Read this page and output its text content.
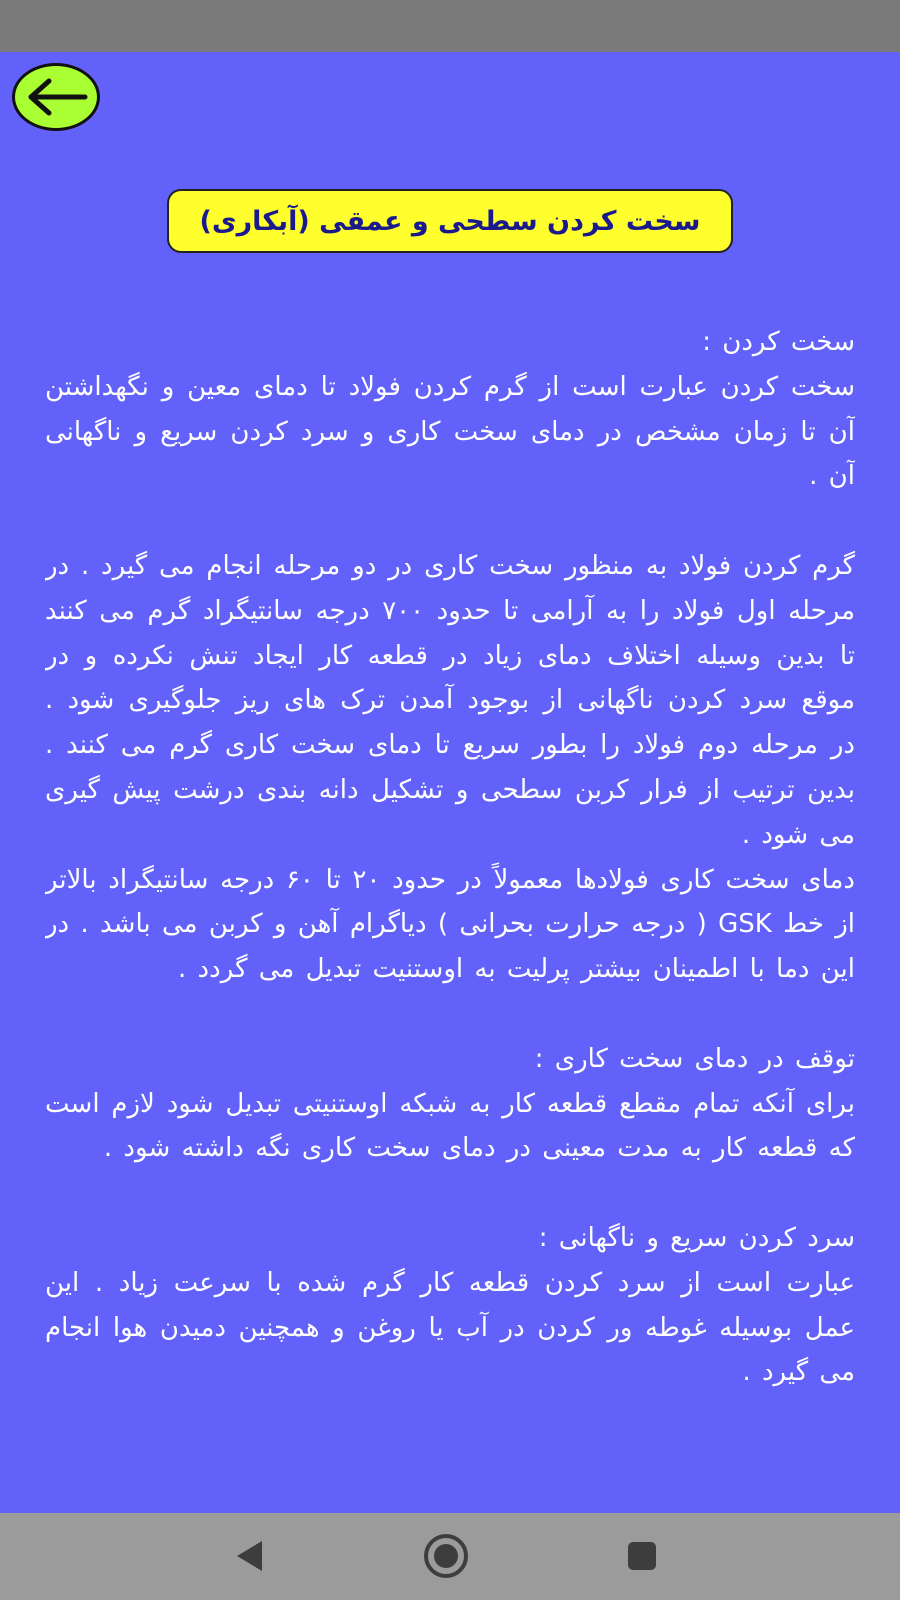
سخت کردن سطحی و عمقی (آبکاری)

سخت کردن :

سخت کردن عبارت است از گرم کردن فولاد تا دمای معین و نگهداشتن آن تا زمان مشخص در دمای سخت کاری و سرد کردن سریع و ناگهانی آن .

گرم کردن فولاد به منظور سخت کاری در دو مرحله انجام می گیرد . در مرحله اول فولاد را به آرامی تا حدود ۷۰۰ درجه سانتیگراد گرم می کنند تا بدین وسیله اختلاف دمای زیاد در قطعه کار ایجاد تنش نکرده و در موقع سرد کردن ناگهانی از بوجود آمدن ترک های ریز جلوگیری شود . در مرحله دوم فولاد را بطور سریع تا دمای سخت کاری گرم می کنند . بدین ترتیب از فرار کربن سطحی و تشکیل دانه بندی درشت پیش گیری می شود .

دمای سخت کاری فولادها معمولاً در حدود ۲۰ تا ۶۰ درجه سانتیگراد بالاتر از خط GSK ( درجه حرارت بحرانی ) دیاگرام آهن و کربن می باشد . در این دما با اطمینان بیشتر پرلیت به اوستنیت تبدیل می گردد .

توقف در دمای سخت کاری :

برای آنکه تمام مقطع قطعه کار به شبکه اوستنیتی تبدیل شود لازم است که قطعه کار به مدت معینی در دمای سخت کاری نگه داشته شود .

سرد کردن سریع و ناگهانی :

عبارت است از سرد کردن قطعه کار گرم شده با سرعت زیاد . این عمل بوسیله غوطه ور کردن در آب یا روغن و همچنین دمیدن هوا انجام می گیرد .
